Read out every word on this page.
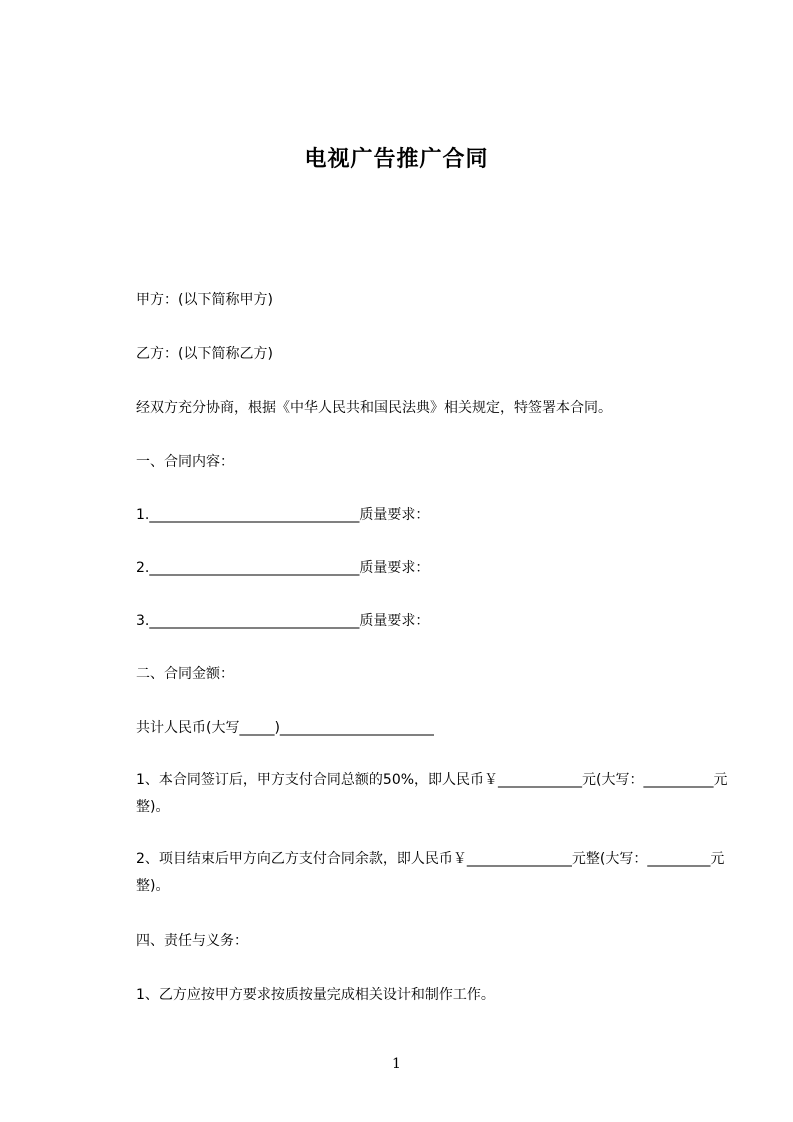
电视广告推广合同
甲方：(以下简称甲方)
乙方：(以下简称乙方)
经双方充分协商，根据《中华人民共和国民法典》相关规定，特签署本合同。
一、合同内容：
1.______________________________质量要求：
2.______________________________质量要求：
3.______________________________质量要求：
二、合同金额：
共计人民币(大写_____)______________________
1、本合同签订后，甲方支付合同总额的50%，即人民币￥____________元(大写：__________元整)。
2、项目结束后甲方向乙方支付合同余款，即人民币￥_______________元整(大写：_________元整)。
四、责任与义务：
1、乙方应按甲方要求按质按量完成相关设计和制作工作。
1
